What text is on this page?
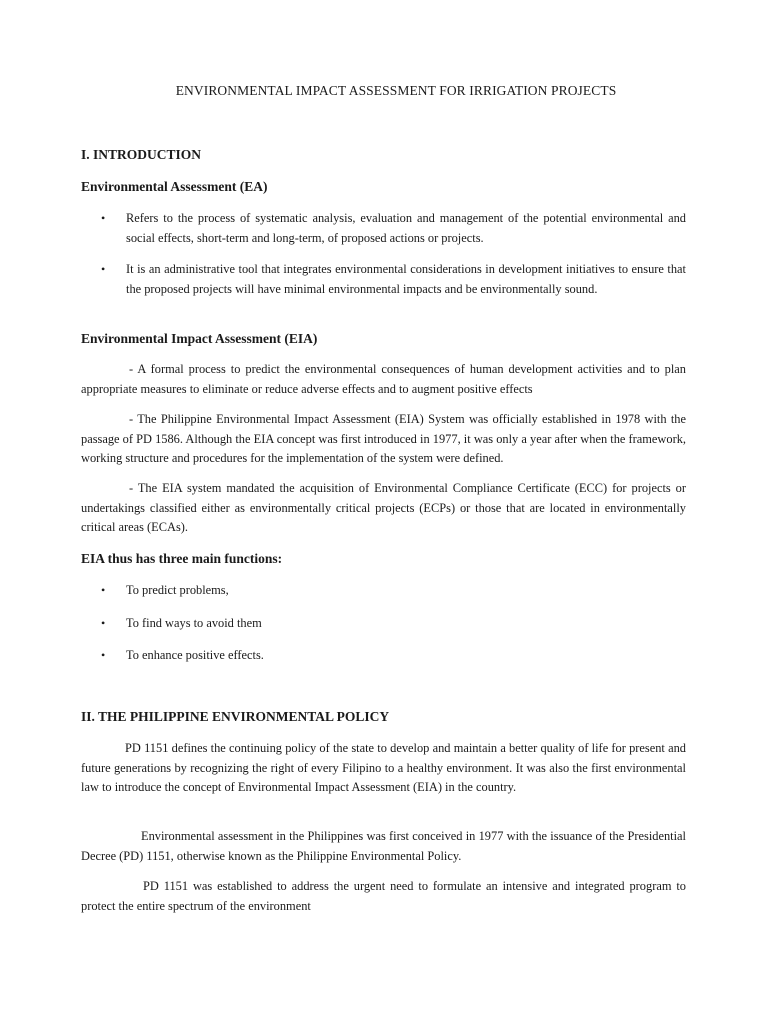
ENVIRONMENTAL IMPACT ASSESSMENT FOR IRRIGATION PROJECTS
I. INTRODUCTION
Environmental Assessment (EA)
• Refers to the process of systematic analysis, evaluation and management of the potential environmental and social effects, short-term and long-term, of proposed actions or projects.
• It is an administrative tool that integrates environmental considerations in development initiatives to ensure that the proposed projects will have minimal environmental impacts and be environmentally sound.
Environmental Impact Assessment (EIA)

- A formal process to predict the environmental consequences of human development activities and to plan appropriate measures to eliminate or reduce adverse effects and to augment positive effects

- The Philippine Environmental Impact Assessment (EIA) System was officially established in 1978 with the passage of PD 1586. Although the EIA concept was first introduced in 1977, it was only a year after when the framework, working structure and procedures for the implementation of the system were defined.

- The EIA system mandated the acquisition of Environmental Compliance Certificate (ECC) for projects or undertakings classified either as environmentally critical projects (ECPs) or those that are located in environmentally critical areas (ECAs).

EIA thus has three main functions:
• To predict problems,
• To find ways to avoid them
• To enhance positive effects.
II. THE PHILIPPINE ENVIRONMENTAL POLICY

PD 1151 defines the continuing policy of the state to develop and maintain a better quality of life for present and future generations by recognizing the right of every Filipino to a healthy environment. It was also the first environmental law to introduce the concept of Environmental Impact Assessment (EIA) in the country.

Environmental assessment in the Philippines was first conceived in 1977 with the issuance of the Presidential Decree (PD) 1151, otherwise known as the Philippine Environmental Policy.

PD 1151 was established to address the urgent need to formulate an intensive and integrated program to protect the entire spectrum of the environment
